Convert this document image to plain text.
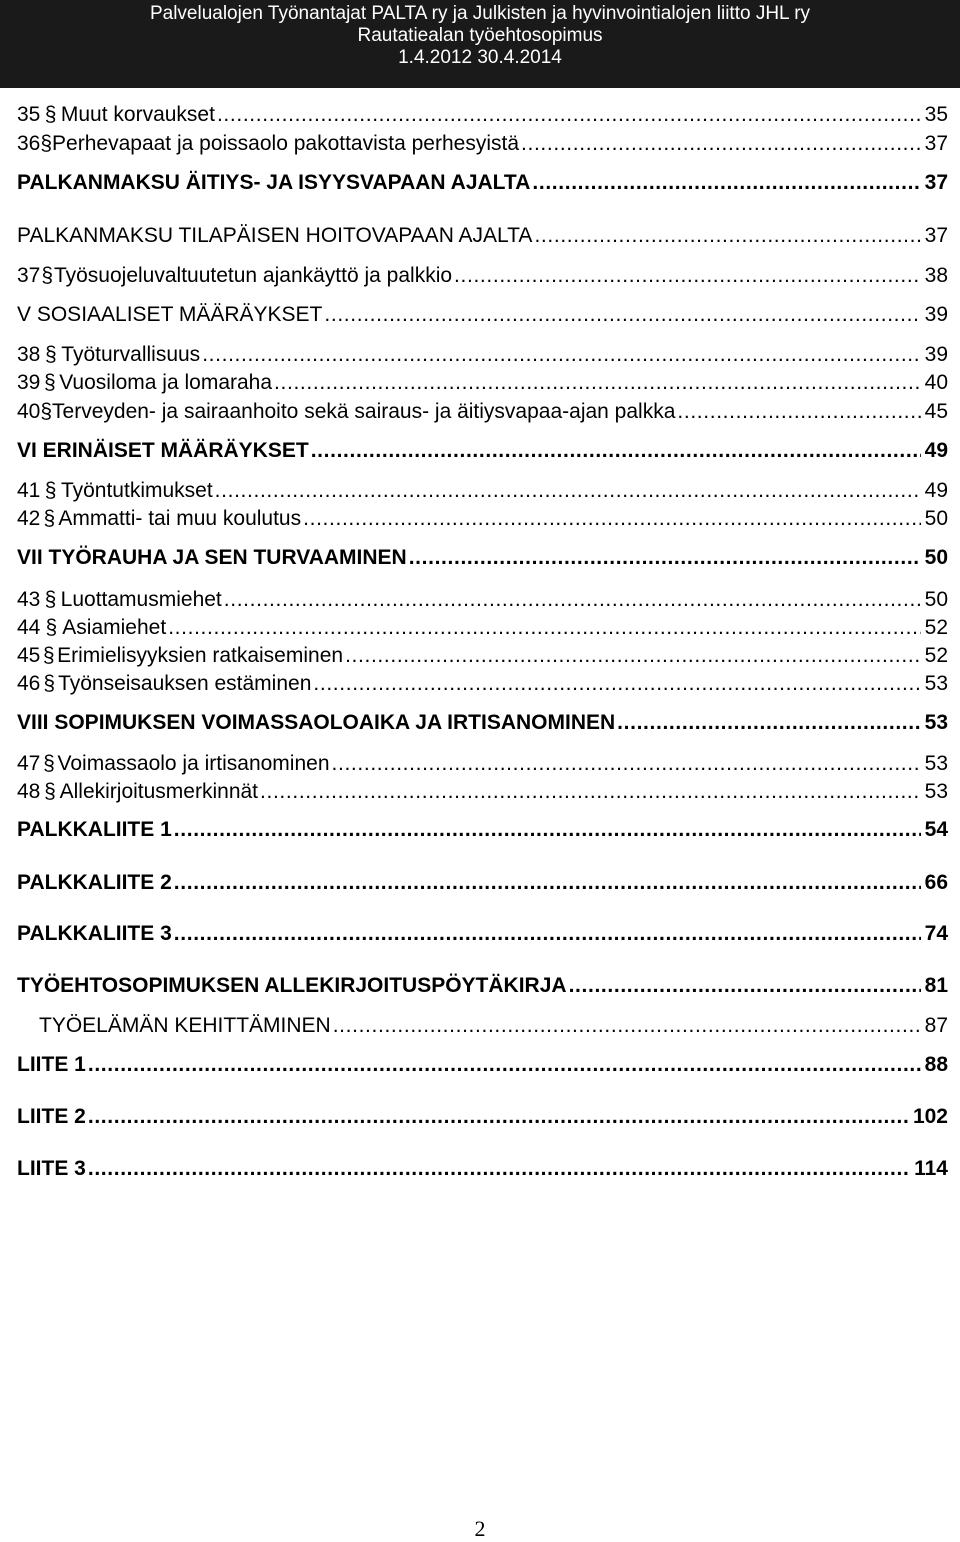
Palvelualojen Työnantajat PALTA ry ja Julkisten ja hyvinvointialojen liitto JHL ry
Rautatiealan työehtosopimus
1.4.2012 30.4.2014
35 § Muut korvaukset . . .	35
36 § Perhevapaat ja poissaolo pakottavista perhesyistä . . .	37
PALKANMAKSU ÄITIYS- JA ISYYSVAPAAN AJALTA . . .	37
PALKANMAKSU TILAPÄISEN HOITOVAPAAN AJALTA . . .	37
37 § Työsuojeluvaltuutetun ajankäyttö ja palkkio . . .	38
V SOSIAALISET MÄÄRÄYKSET . . .	39
38 § Työturvallisuus . . .	39
39 § Vuosiloma ja lomaraha . . .	40
40 § Terveyden- ja sairaanhoito sekä sairaus- ja äitiysvapaa-ajan palkka . . .	45
VI ERINÄISET MÄÄRÄYKSET . . .	49
41 § Työntutkimukset . . .	49
42 § Ammatti- tai muu koulutus . . .	50
VII TYÖRAUHA JA SEN TURVAAMINEN . . .	50
43 § Luottamusmiehet . . .	50
44 § Asiamiehet . . .	52
45 § Erimielisyyksien ratkaiseminen . . .	52
46 § Työnseisauksen estäminen . . .	53
VIII SOPIMUKSEN VOIMASSAOLOAIKA JA IRTISANOMINEN . . .	53
47 § Voimassaolo ja irtisanominen . . .	53
48 § Allekirjoitusmerkinnät . . .	53
PALKKALIITE 1 . . .	54
PALKKALIITE 2 . . .	66
PALKKALIITE 3 . . .	74
TYÖEHTOSOPIMUKSEN ALLEKIRJOITUSPÖYTÄKIRJA . . .	81
TYÖELÄMÄN KEHITTÄMINEN . . .	87
LIITE 1 . . .	88
LIITE 2 . . .	102
LIITE 3 . . .	114
2
